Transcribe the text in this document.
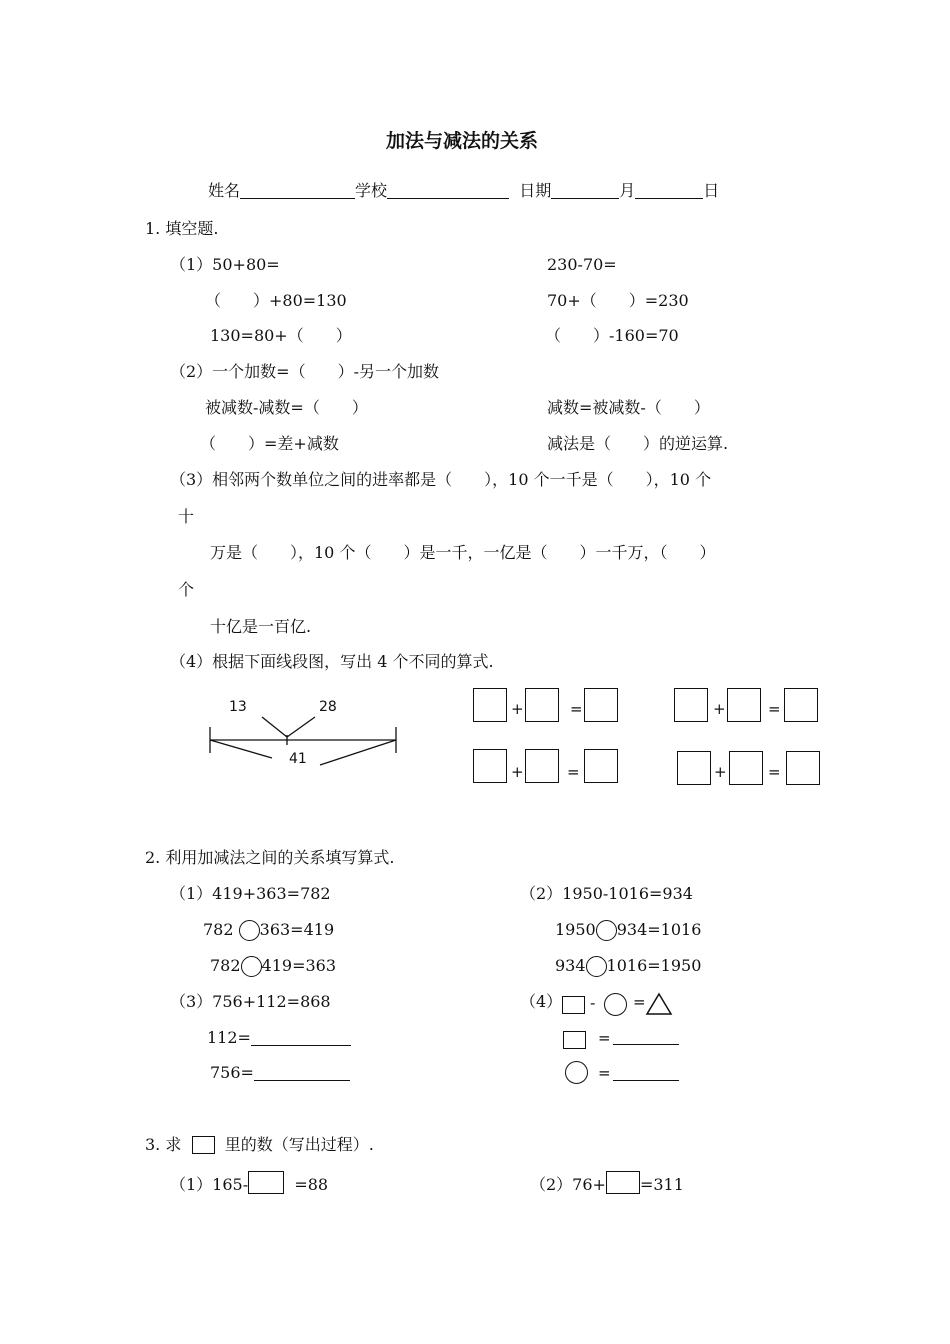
加法与减法的关系
姓名	学校	日期	月	日
1. 填空题.
（1）50+80=
（　　）+80=130
130=80+（　　）
230-70=
70+（　　）=230
（　　）-160=70
（2）一个加数=（　　）-另一个加数
被减数-减数=（　　）
（　　）=差+减数
减数=被减数-（　　）
减法是（　　）的逆运算.
（3）相邻两个数单位之间的进率都是（　　），10 个一千是（　　），10 个
十
万是（　　），10 个（　　）是一千，一亿是（　　）一千万，（　　）
个
十亿是一百亿.
（4）根据下面线段图，写出 4 个不同的算式.
13	28
41
+	=	+	=
+	=	+	=
2. 利用加减法之间的关系填写算式.
（1）419+363=782
782 363=419
782 419=363
（2）1950-1016=934
1950 934=1016
934 1016=1950
（3）756+112=868
112=
756=
（4） -	=
=
=
3. 求	里的数（写出过程）.
（1）165-	=88	（2）76+ =311
